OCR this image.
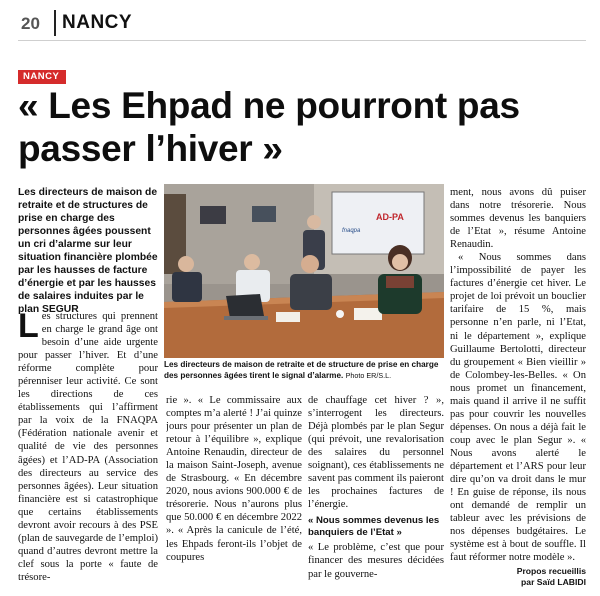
20 NANCY
NANCY
« Les Ehpad ne pourront pas passer l’hiver »
Les directeurs de maison de retraite et de structures de prise en charge des personnes âgées poussent un cri d’alarme sur leur situation financière plombée par les hausses de facture d’énergie et par les hausses de salaires induites par le plan SEGUR
Les structures qui prennent en charge le grand âge ont besoin d’une aide urgente pour passer l’hiver. Et d’une réforme complète pour pérenniser leur activité. Ce sont les directions de ces établissements qui l’affirment par la voix de la FNAQPA (Fédération nationale avenir et qualité de vie des personnes âgées) et l’AD-PA (Association des directeurs au service des personnes âgées). Leur situation financière est si catastrophique que certains établissements devront avoir recours à des PSE (plan de sauvegarde de l’emploi) quand d’autres devront mettre la clef sous la porte « faute de trésore-
AD-PA
fnaqpa
Les directeurs de maison de retraite et de structure de prise en charge des personnes âgées tirent le signal d’alarme. Photo ER/S.L.

rie ». « Le commissaire aux comptes m’a alerté ! J’ai quinze jours pour présenter un plan de retour à l’équilibre », explique Antoine Renaudin, directeur de la maison Saint-Joseph, avenue de Strasbourg. « En décembre 2020, nous avions 900.000 € de trésorerie. Nous n’aurons plus que 50.000 € en décembre 2022 ». « Après la canicule de l’été, les Ehpads feront-ils l’objet de coupures

de chauffage cet hiver ? », s’interrogent les directeurs. Déjà plombés par le plan Segur (qui prévoit, une revalorisation des salaires du personnel soignant), ces établissements ne savent pas comment ils paieront les prochaines factures de l’énergie.

« Nous sommes devenus les banquiers de l’Etat »

« Le problème, c’est que pour financer des mesures décidées par le gouverne-

ment, nous avons dû puiser dans notre trésorerie. Nous sommes devenus les banquiers de l’Etat », résume Antoine Renaudin.

« Nous sommes dans l’impossibilité de payer les factures d’énergie cet hiver. Le projet de loi prévoit un bouclier tarifaire de 15 %, mais personne n’en parle, ni l’Etat, ni le département », explique Guillaume Bertolotti, directeur du groupement « Bien vieillir » de Colombey-les-Belles. « On nous promet un financement, mais quand il arrive il ne suffit pas pour couvrir les nouvelles dépenses. On nous a déjà fait le coup avec le plan Segur ». « Nous avons alerté le département et l’ARS pour leur dire qu’on va droit dans le mur ! En guise de réponse, ils nous ont demandé de remplir un tableur avec les prévisions de nos dépenses budgétaires. Le système est à bout de souffle. Il faut réformer notre modèle ».

Propos recueillis
par Saïd LABIDI
